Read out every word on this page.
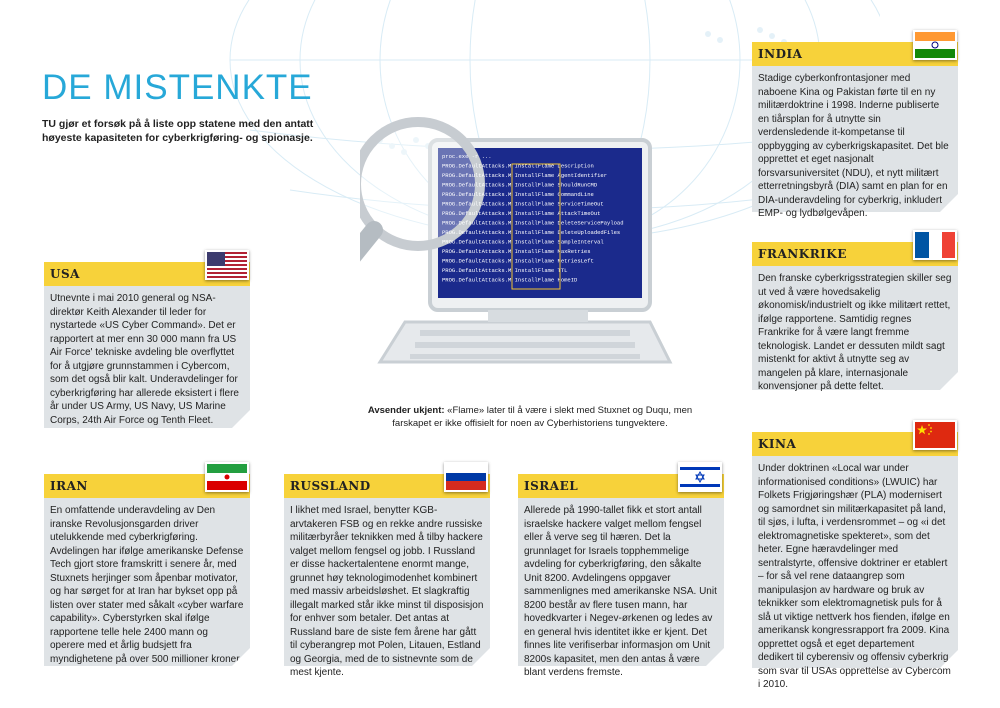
DE MISTENKTE
TU gjør et forsøk på å liste opp statene med den antatt høyeste kapasiteten for cyberkrigføring- og spionasje.
proc.exe -r ...
PROG.DefaultAttacks.M InstallFlame Description
PROG.DefaultAttacks.M InstallFlame AgentIdentifier
PROG.DefaultAttacks.M InstallFlame ShouldRunCMD
PROG.DefaultAttacks.M InstallFlame CommandLine
PROG.DefaultAttacks.M InstallFlame ServiceTimeOut
PROG.DefaultAttacks.M InstallFlame AttackTimeOut
PROG.DefaultAttacks.M InstallFlame DeleteServicePayload
PROG.DefaultAttacks.M InstallFlame DeleteUploadedFiles
PROG.DefaultAttacks.M InstallFlame SampleInterval
PROG.DefaultAttacks.M InstallFlame MaxRetries
PROG.DefaultAttacks.M InstallFlame RetriesLeft
PROG.DefaultAttacks.M InstallFlame TTL
PROG.DefaultAttacks.M InstallFlame HomeID
Avsender ukjent: «Flame» later til å være i slekt med Stuxnet og Duqu, men farskapet er ikke offisielt for noen av Cyberhistoriens tungvektere.
USA
Utnevnte i mai 2010 general og NSA-direktør Keith Alexander til leder for nystartede «US Cyber Command». Det er rapportert at mer enn 30 000 mann fra US Air Force' tekniske avdeling ble overflyttet for å utgjøre grunnstammen i Cybercom, som det også blir kalt. Underavdelinger for cyberkrigføring har allerede eksistert i flere år under US Army, US Navy, US Marine Corps, 24th Air Force og Tenth Fleet.
IRAN
En omfattende underavdeling av Den iranske Revolusjonsgarden driver utelukkende med cyberkrigføring. Avdelingen har ifølge amerikanske Defense Tech gjort store framskritt i senere år, med Stuxnets herjinger som åpenbar motivator, og har sørget for at Iran har bykset opp på listen over stater med såkalt «cyber warfare capability». Cyberstyrken skal ifølge rapportene telle hele 2400 mann og operere med et årlig budsjett fra myndighetene på over 500 millioner kroner.
RUSSLAND
I likhet med Israel, benytter KGB-arvtakeren FSB og en rekke andre russiske militærbyråer teknikken med å tilby hackere valget mellom fengsel og jobb. I Russland er disse hackertalentene enormt mange, grunnet høy teknologimodenhet kombinert med massiv arbeidsløshet. Et slagkraftig illegalt marked står ikke minst til disposisjon for enhver som betaler. Det antas at Russland bare de siste fem årene har gått til cyberangrep mot Polen, Litauen, Estland og Georgia, med de to sistnevnte som de mest kjente.
ISRAEL
Allerede på 1990-tallet fikk et stort antall israelske hackere valget mellom fengsel eller å verve seg til hæren. Det la grunnlaget for Israels topphemmelige avdeling for cyberkrigføring, den såkalte Unit 8200. Avdelingens oppgaver sammenlignes med amerikanske NSA. Unit 8200 består av flere tusen mann, har hovedkvarter i Negev-ørkenen og ledes av en general hvis identitet ikke er kjent. Det finnes lite verifiserbar informasjon om Unit 8200s kapasitet, men den antas å være blant verdens fremste.
INDIA
Stadige cyberkonfrontasjoner med naboene Kina og Pakistan førte til en ny militærdoktrine i 1998. Inderne publiserte en tiårsplan for å utnytte sin verdensledende it-kompetanse til oppbygging av cyberkrigskapasitet. Det ble opprettet et eget nasjonalt forsvarsuniversitet (NDU), et nytt militært etterretningsbyrå (DIA) samt en plan for en DIA-underavdeling for cyberkrig, inkludert EMP- og lydbølgevåpen.
FRANKRIKE
Den franske cyberkrigsstrategien skiller seg ut ved å være hovedsakelig økonomisk/industrielt og ikke militært rettet, ifølge rapportene. Samtidig regnes Frankrike for å være langt fremme teknologisk. Landet er dessuten mildt sagt mistenkt for aktivt å utnytte seg av mangelen på klare, internasjonale konvensjoner på dette feltet.
KINA
Under doktrinen «Local war under informationised conditions» (LWUIC) har Folkets Frigjøringshær (PLA) modernisert og samordnet sin militærkapasitet på land, til sjøs, i lufta, i verdensrommet – og «i det elektromagnetiske spekteret», som det heter. Egne hæravdelinger med sentralstyrte, offensive doktriner er etablert – for så vel rene dataangrep som manipulasjon av hardware og bruk av teknikker som elektromagnetisk puls for å slå ut viktige nettverk hos fienden, ifølge en amerikansk kongressrapport fra 2009. Kina opprettet også et eget departement dedikert til cyberensiv og offensiv cyberkrig som svar til USAs opprettelse av Cybercom i 2010.
